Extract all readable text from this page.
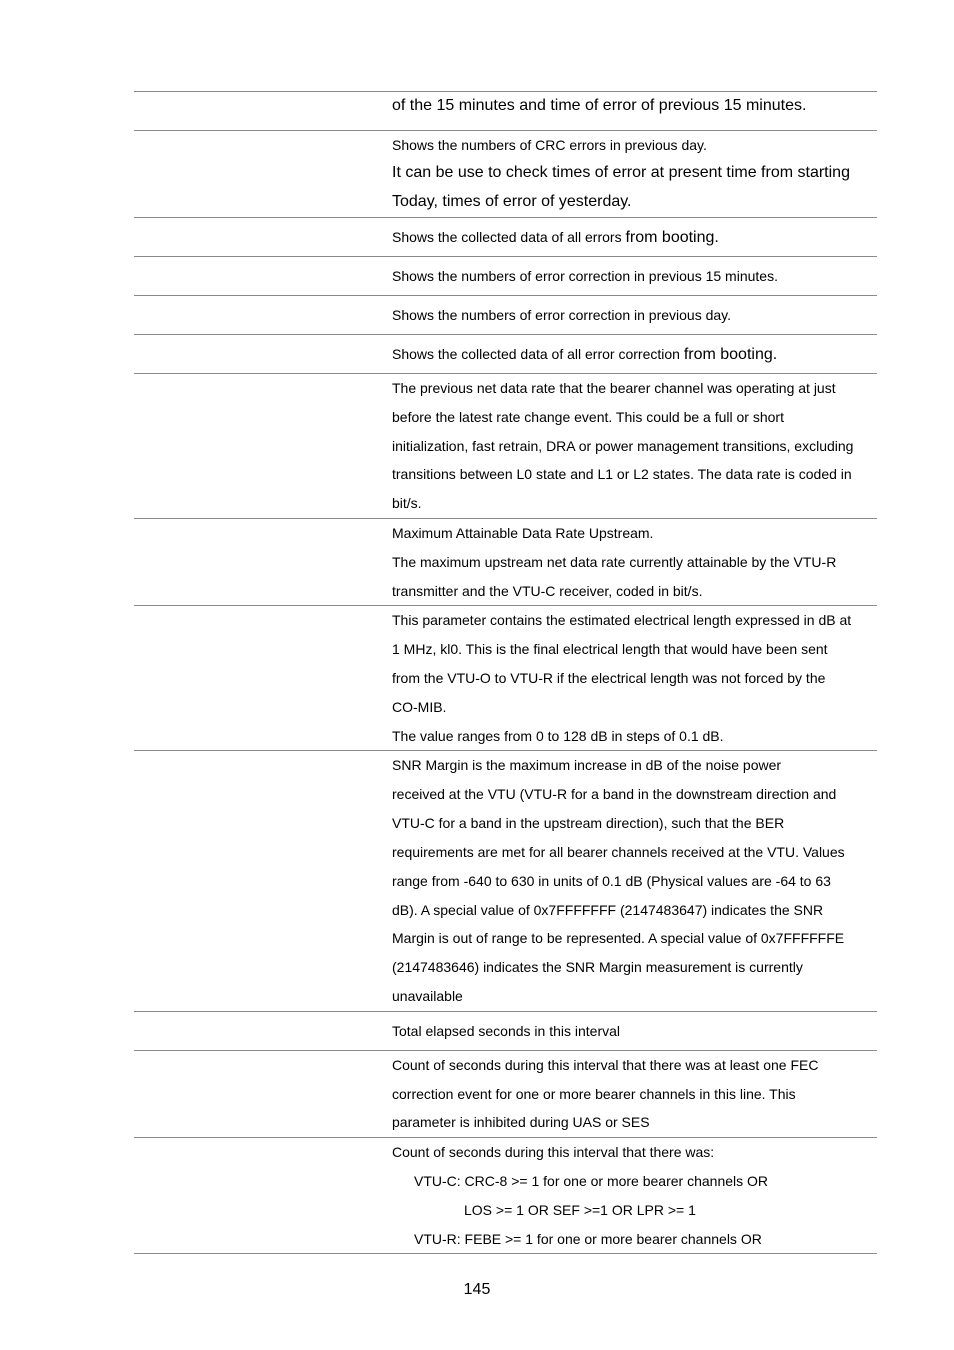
of the 15 minutes and time of error of previous 15 minutes.
Shows the numbers of CRC errors in previous day.
It can be use to check times of error at present time from starting
Today, times of error of yesterday.
Shows the collected data of all errors from booting.
Shows the numbers of error correction in previous 15 minutes.
Shows the numbers of error correction in previous day.
Shows the collected data of all error correction from booting.
The previous net data rate that the bearer channel was operating at just
before the latest rate change event. This could be a full or short
initialization, fast retrain, DRA or power management transitions, excluding
transitions between L0 state and L1 or L2 states. The data rate is coded in
bit/s.
Maximum Attainable Data Rate Upstream.
The maximum upstream net data rate currently attainable by the VTU-R
transmitter and the VTU-C receiver, coded in bit/s.
This parameter contains the estimated electrical length expressed in dB at
1 MHz, kl0. This is the final electrical length that would have been sent
from the VTU-O to VTU-R if the electrical length was not forced by the
CO-MIB.
The value ranges from 0 to 128 dB in steps of 0.1 dB.
SNR Margin is the maximum increase in dB of the noise power
received at the VTU (VTU-R for a band in the downstream direction and
VTU-C for a band in the upstream direction), such that the BER
requirements are met for all bearer channels received at the VTU. Values
range from -640 to 630 in units of 0.1 dB (Physical values are -64 to 63
dB). A special value of 0x7FFFFFFF (2147483647) indicates the SNR
Margin is out of range to be represented. A special value of 0x7FFFFFFE
(2147483646) indicates the SNR Margin measurement is currently
unavailable
Total elapsed seconds in this interval
Count of seconds during this interval that there was at least one FEC
correction event for one or more bearer channels in this line. This
parameter is inhibited during UAS or SES
Count of seconds during this interval that there was:
VTU-C: CRC-8 >= 1 for one or more bearer channels OR
LOS >= 1 OR SEF >=1 OR LPR >= 1
VTU-R: FEBE >= 1 for one or more bearer channels OR
145
